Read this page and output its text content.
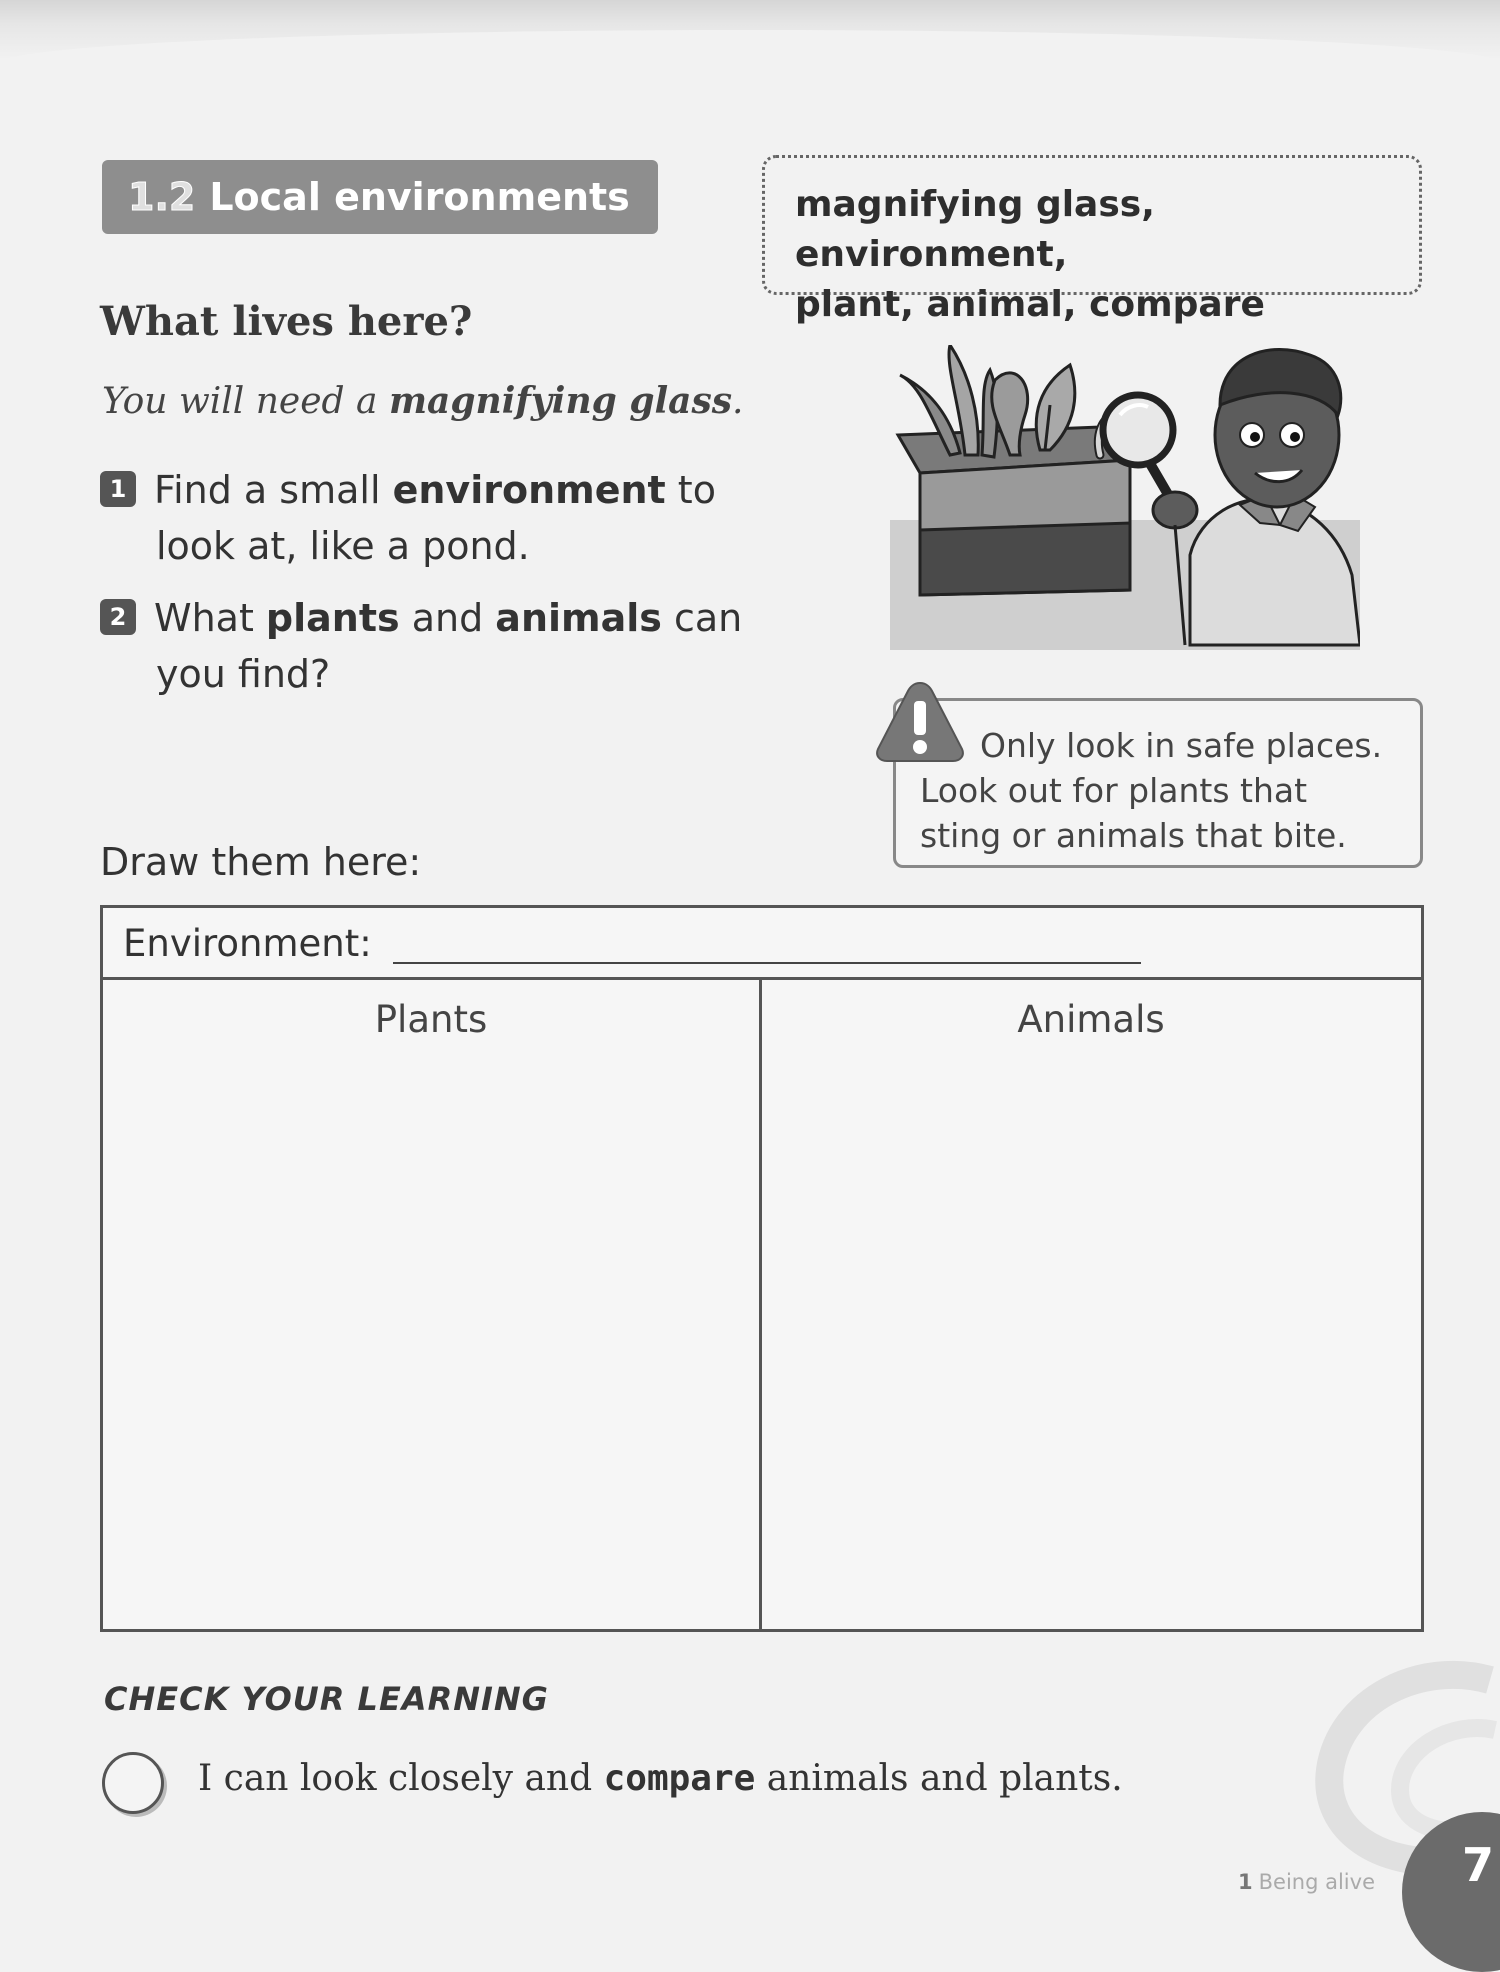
1.2 Local environments	magnifying glass, environment,
plant, animal, compare
What lives here?
You will need a magnifying glass.
1 Find a small environment to
look at, like a pond.
2 What plants and animals can
you find?
Only look in safe places.
Look out for plants that
sting or animals that bite.
Draw them here:
Environment:
Plants	Animals
CHECK YOUR LEARNING
I can look closely and compare animals and plants.
1 Being alive 7
